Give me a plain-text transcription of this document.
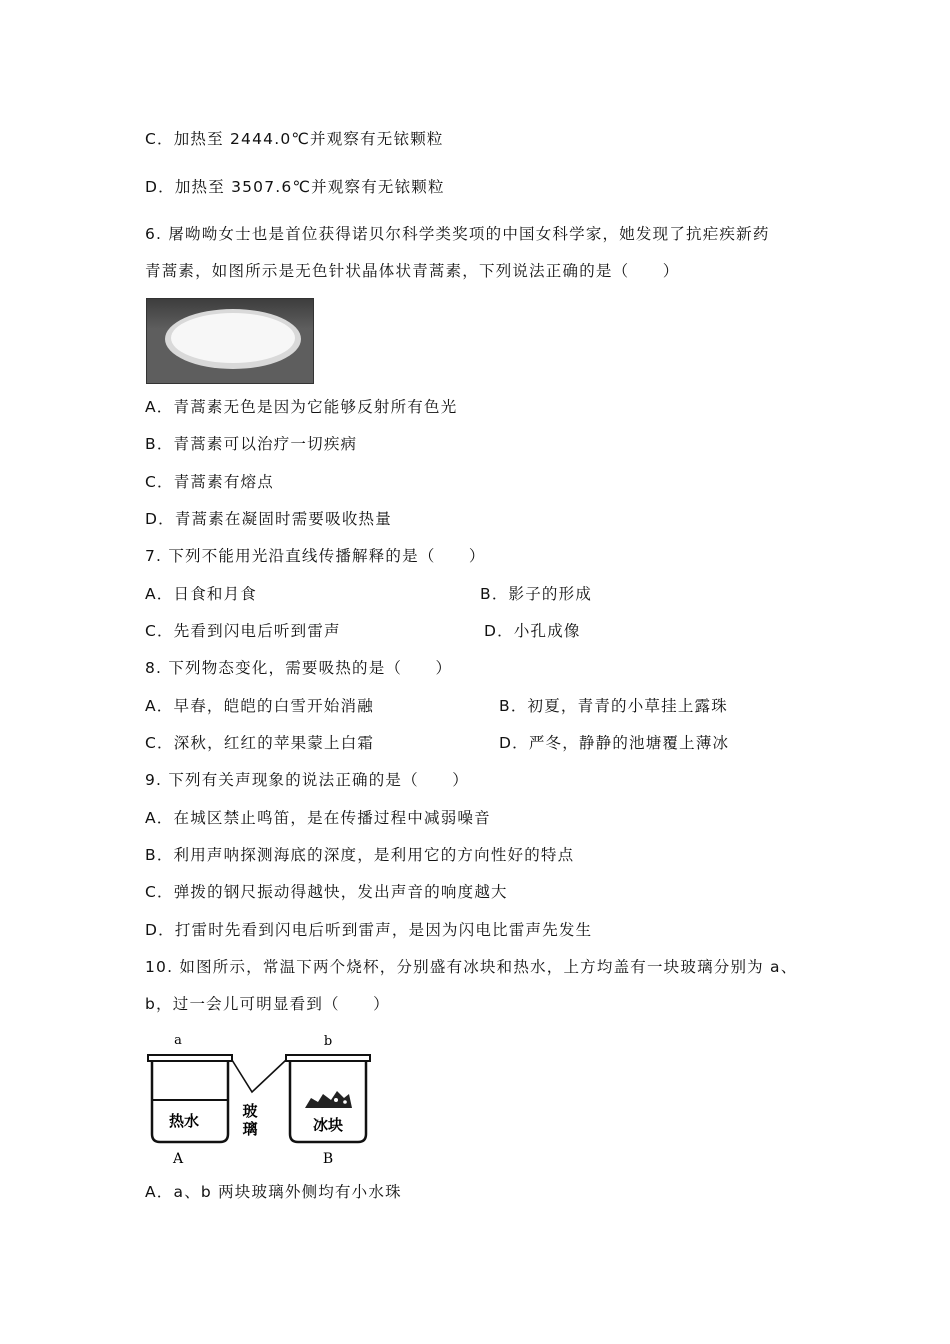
C．加热至 2444.0℃并观察有无铱颗粒
D．加热至 3507.6℃并观察有无铱颗粒
6. 屠呦呦女士也是首位获得诺贝尔科学类奖项的中国女科学家，她发现了抗疟疾新药
青蒿素，如图所示是无色针状晶体状青蒿素，下列说法正确的是（　　）
A．青蒿素无色是因为它能够反射所有色光
B．青蒿素可以治疗一切疾病
C．青蒿素有熔点
D．青蒿素在凝固时需要吸收热量
7. 下列不能用光沿直线传播解释的是（　　）
A．日食和月食	B．影子的形成
C．先看到闪电后听到雷声	D．小孔成像
8. 下列物态变化，需要吸热的是（　　）
A．早春，皑皑的白雪开始消融	B．初夏，青青的小草挂上露珠
C．深秋，红红的苹果蒙上白霜	D．严冬，静静的池塘覆上薄冰
9. 下列有关声现象的说法正确的是（　　）
A．在城区禁止鸣笛，是在传播过程中减弱噪音
B．利用声呐探测海底的深度，是利用它的方向性好的特点
C．弹拨的钢尺振动得越快，发出声音的响度越大
D．打雷时先看到闪电后听到雷声，是因为闪电比雷声先发生
10. 如图所示，常温下两个烧杯，分别盛有冰块和热水，上方均盖有一块玻璃分别为 a、
b，过一会儿可明显看到（　　）
a	b
热水
玻
璃	冰块
A	B
A．a、b 两块玻璃外侧均有小水珠
